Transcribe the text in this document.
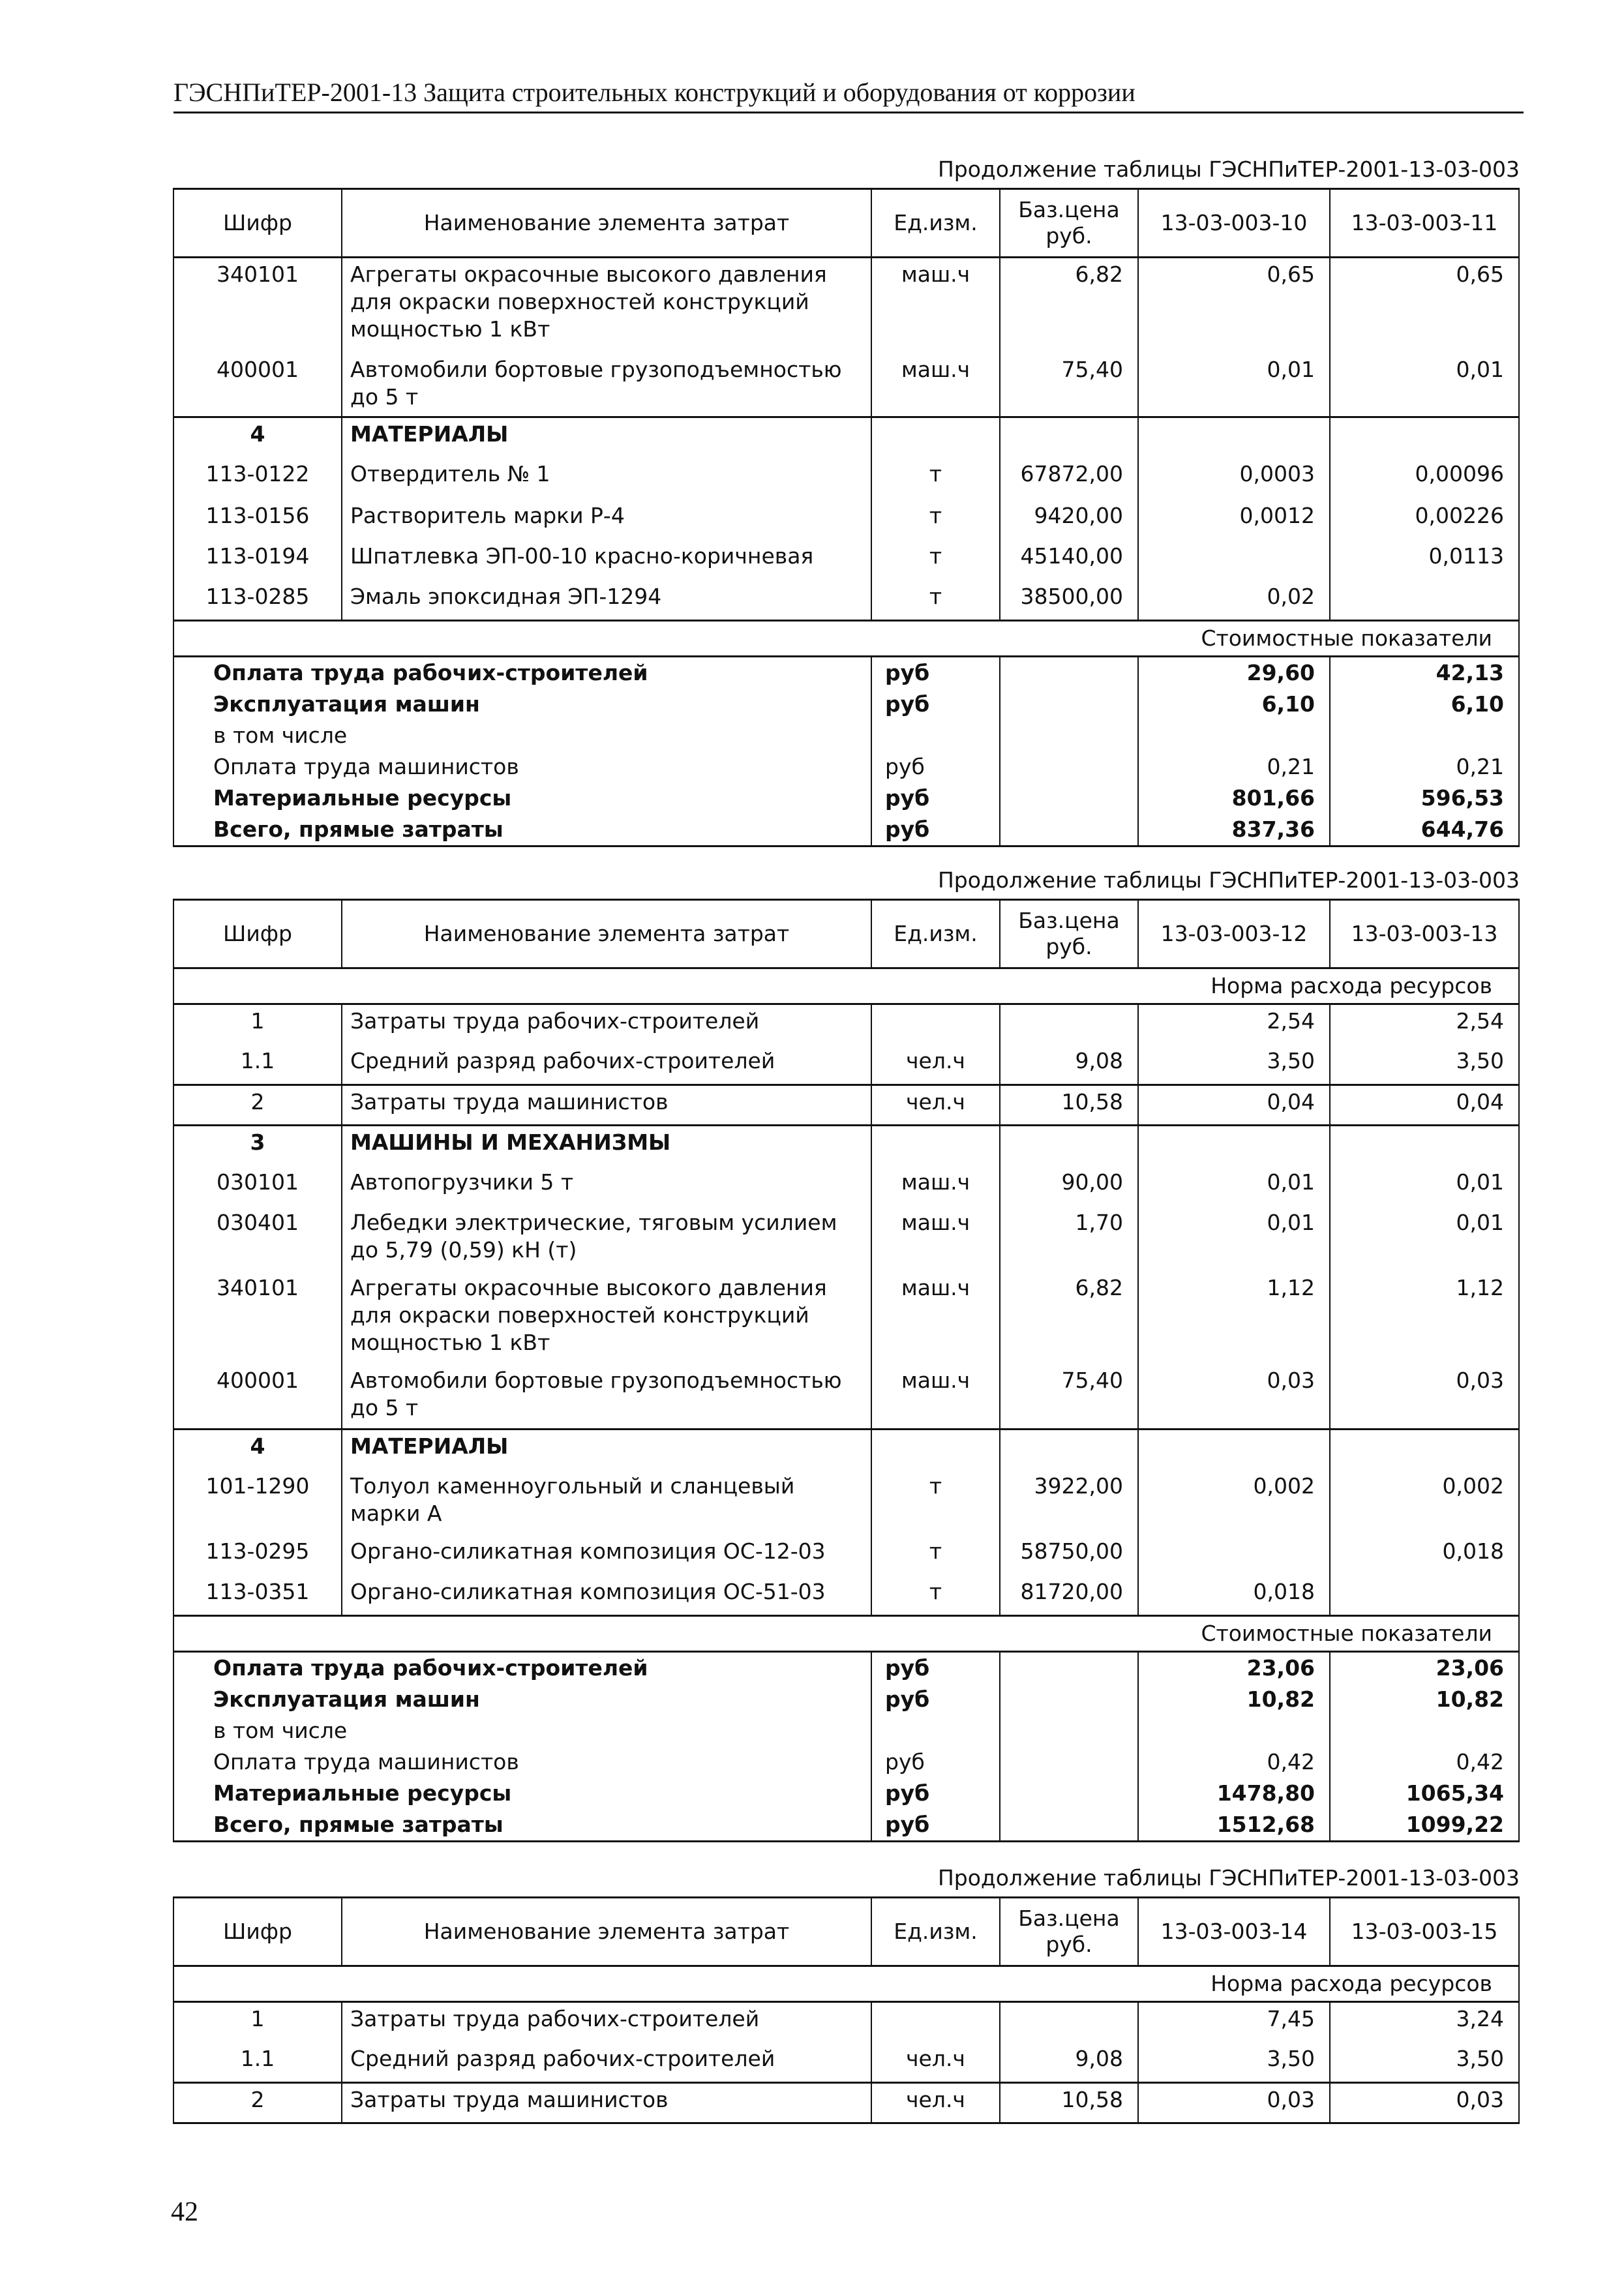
ГЭСНПиТЕР-2001-13 Защита строительных конструкций и оборудования от коррозии
Продолжение таблицы ГЭСНПиТЕР-2001-13-03-003
Шифр	Наименование элемента затрат	Ед.изм.	Баз.цена руб.	13-03-003-10	13-03-003-11
340101	Агрегаты окрасочные высокого давления для окраски поверхностей конструкций мощностью 1 кВт	маш.ч	6,82	0,65	0,65
400001	Автомобили бортовые грузоподъемностью до 5 т	маш.ч	75,40	0,01	0,01
4	МАТЕРИАЛЫ				
113-0122	Отвердитель № 1	т	67872,00	0,0003	0,00096
113-0156	Растворитель марки Р-4	т	9420,00	0,0012	0,00226
113-0194	Шпатлевка ЭП-00-10 красно-коричневая	т	45140,00		0,0113
113-0285	Эмаль эпоксидная ЭП-1294	т	38500,00	0,02	
Стоимостные показатели					
Оплата труда рабочих-строителей		руб		29,60	42,13
Эксплуатация машин		руб		6,10	6,10
в том числе					
Оплата труда машинистов		руб		0,21	0,21
Материальные ресурсы		руб		801,66	596,53
Всего, прямые затраты		руб		837,36	644,76
Продолжение таблицы ГЭСНПиТЕР-2001-13-03-003
Шифр	Наименование элемента затрат	Ед.изм.	Баз.цена руб.	13-03-003-12	13-03-003-13
Норма расхода ресурсов					
1	Затраты труда рабочих-строителей			2,54	2,54
1.1	Средний разряд рабочих-строителей	чел.ч	9,08	3,50	3,50
2	Затраты труда машинистов	чел.ч	10,58	0,04	0,04
3	МАШИНЫ И МЕХАНИЗМЫ				
030101	Автопогрузчики 5 т	маш.ч	90,00	0,01	0,01
030401	Лебедки электрические, тяговым усилием до 5,79 (0,59) кН (т)	маш.ч	1,70	0,01	0,01
340101	Агрегаты окрасочные высокого давления для окраски поверхностей конструкций мощностью 1 кВт	маш.ч	6,82	1,12	1,12
400001	Автомобили бортовые грузоподъемностью до 5 т	маш.ч	75,40	0,03	0,03
4	МАТЕРИАЛЫ				
101-1290	Толуол каменноугольный и сланцевый марки А	т	3922,00	0,002	0,002
113-0295	Органо-силикатная композиция ОС-12-03	т	58750,00		0,018
113-0351	Органо-силикатная композиция ОС-51-03	т	81720,00	0,018	
Стоимостные показатели					
Оплата труда рабочих-строителей		руб		23,06	23,06
Эксплуатация машин		руб		10,82	10,82
в том числе					
Оплата труда машинистов		руб		0,42	0,42
Материальные ресурсы		руб		1478,80	1065,34
Всего, прямые затраты		руб		1512,68	1099,22
Продолжение таблицы ГЭСНПиТЕР-2001-13-03-003
Шифр	Наименование элемента затрат	Ед.изм.	Баз.цена руб.	13-03-003-14	13-03-003-15
Норма расхода ресурсов					
1	Затраты труда рабочих-строителей			7,45	3,24
1.1	Средний разряд рабочих-строителей	чел.ч	9,08	3,50	3,50
2	Затраты труда машинистов	чел.ч	10,58	0,03	0,03
42
